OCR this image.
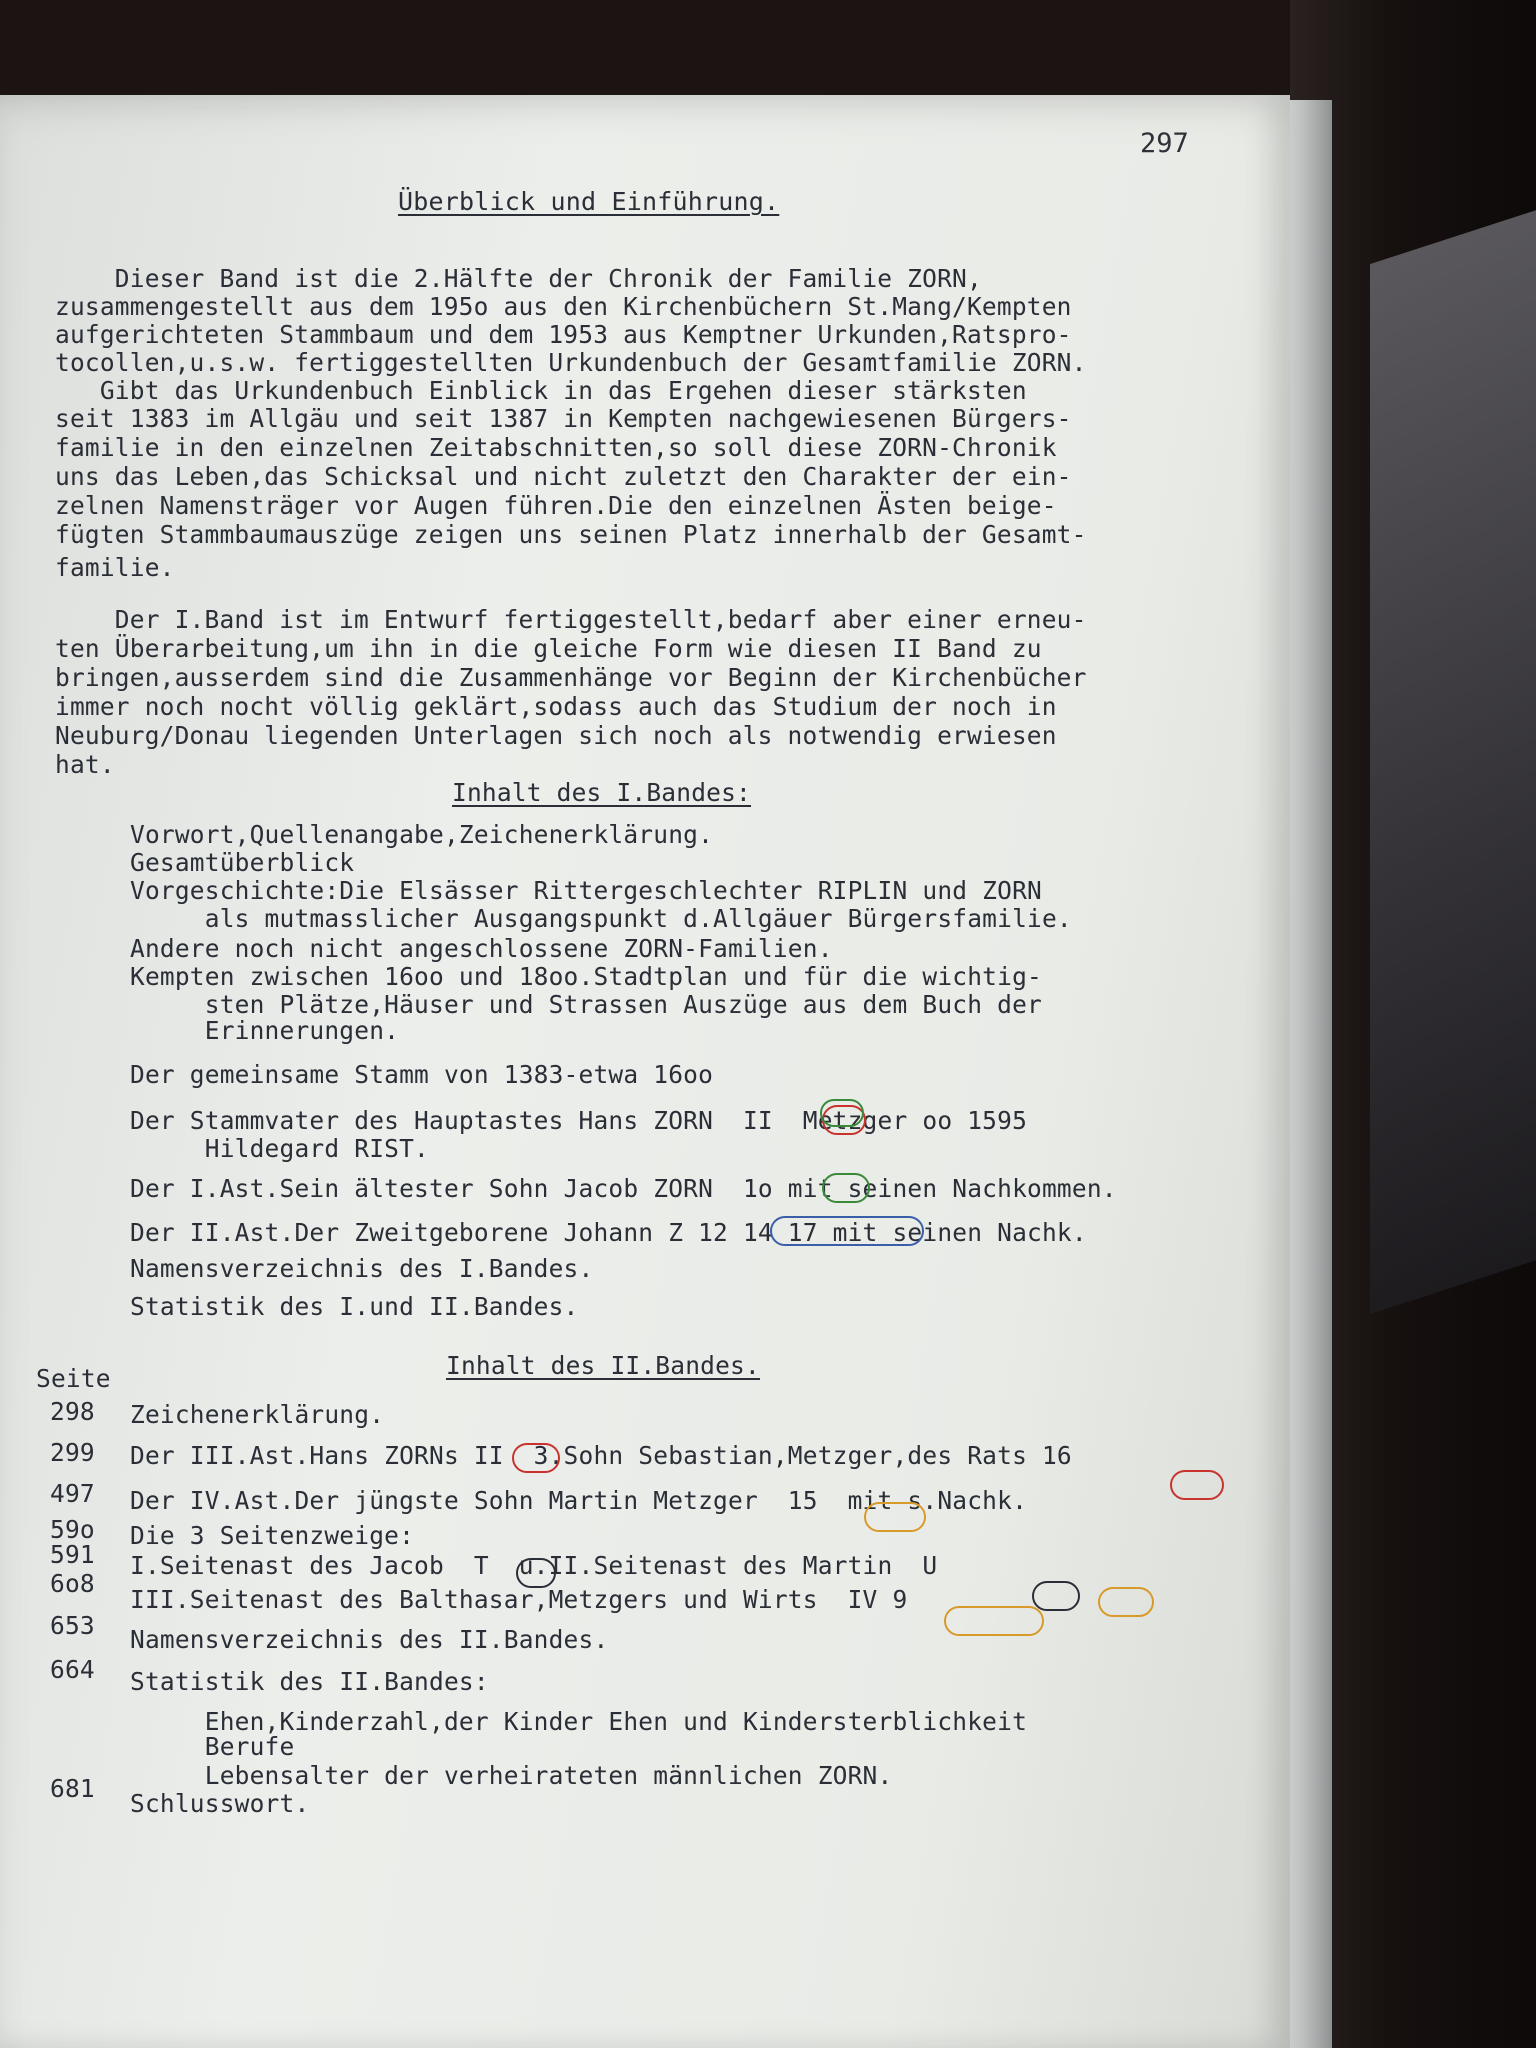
297
Überblick und Einführung.
Dieser Band ist die 2.Hälfte der Chronik der Familie ZORN,
zusammengestellt aus dem 195o aus den Kirchenbüchern St.Mang/Kempten
aufgerichteten Stammbaum und dem 1953 aus Kemptner Urkunden,Ratspro-
tocollen,u.s.w. fertiggestellten Urkundenbuch der Gesamtfamilie ZORN.
Gibt das Urkundenbuch Einblick in das Ergehen dieser stärksten
seit 1383 im Allgäu und seit 1387 in Kempten nachgewiesenen Bürgers-
familie in den einzelnen Zeitabschnitten,so soll diese ZORN-Chronik
uns das Leben,das Schicksal und nicht zuletzt den Charakter der ein-
zelnen Namensträger vor Augen führen.Die den einzelnen Ästen beige-
fügten Stammbaumauszüge zeigen uns seinen Platz innerhalb der Gesamt-
familie.
Der I.Band ist im Entwurf fertiggestellt,bedarf aber einer erneu-
ten Überarbeitung,um ihn in die gleiche Form wie diesen II Band zu
bringen,ausserdem sind die Zusammenhänge vor Beginn der Kirchenbücher
immer noch nocht völlig geklärt,sodass auch das Studium der noch in
Neuburg/Donau liegenden Unterlagen sich noch als notwendig erwiesen
hat.
Inhalt des I.Bandes:
Vorwort,Quellenangabe,Zeichenerklärung.
Gesamtüberblick
Vorgeschichte:Die Elsässer Rittergeschlechter RIPLIN und ZORN
als mutmasslicher Ausgangspunkt d.Allgäuer Bürgersfamilie.
Andere noch nicht angeschlossene ZORN-Familien.
Kempten zwischen 16oo und 18oo.Stadtplan und für die wichtig-
sten Plätze,Häuser und Strassen Auszüge aus dem Buch der
Erinnerungen.
Der gemeinsame Stamm von 1383-etwa 16oo
Der Stammvater des Hauptastes Hans ZORN  II  Metzger oo 1595
Hildegard RIST.
Der I.Ast.Sein ältester Sohn Jacob ZORN  1o mit seinen Nachkommen.
Der II.Ast.Der Zweitgeborene Johann Z 12 14 17 mit seinen Nachk.
Namensverzeichnis des I.Bandes.
Statistik des I.und II.Bandes.
Seite	Inhalt des II.Bandes.
298 Zeichenerklärung.
299 Der III.Ast.Hans ZORNs II  3.Sohn Sebastian,Metzger,des Rats 16
497 Der IV.Ast.Der jüngste Sohn Martin Metzger  15  mit s.Nachk.
59o Die 3 Seitenzweige:
591 I.Seitenast des Jacob  T  u.II.Seitenast des Martin  U
6o8
III.Seitenast des Balthasar,Metzgers und Wirts  IV 9
653 Namensverzeichnis des II.Bandes.
664 Statistik des II.Bandes:
Ehen,Kinderzahl,der Kinder Ehen und Kindersterblichkeit
Berufe
Lebensalter der verheirateten männlichen ZORN.
681
Schlusswort.
